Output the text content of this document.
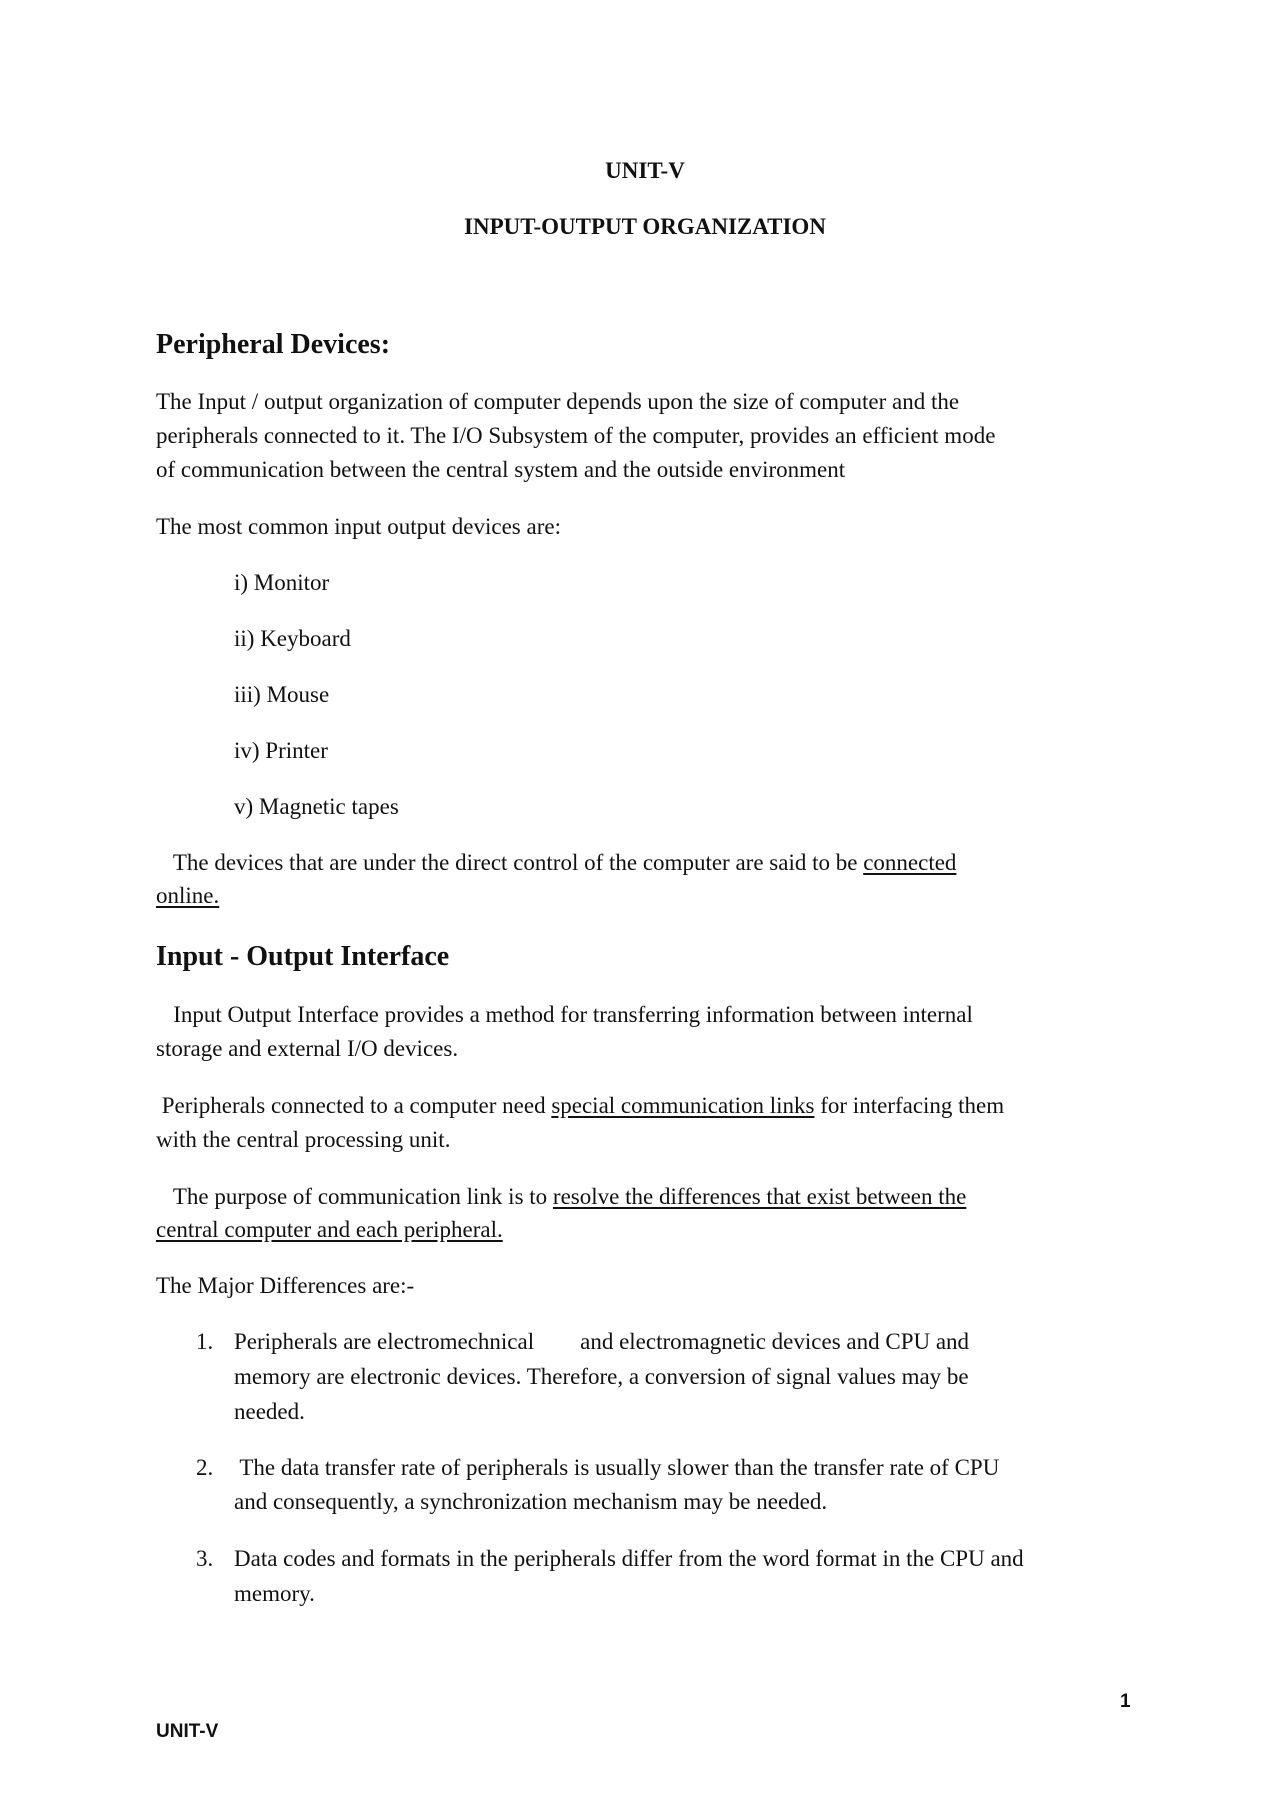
UNIT-V
INPUT-OUTPUT ORGANIZATION
Peripheral Devices:
The Input / output organization of computer depends upon the size of computer and the
peripherals connected to it. The I/O Subsystem of the computer, provides an efficient mode
of communication between the central system and the outside environment
The most common input output devices are:
i) Monitor
ii) Keyboard
iii) Mouse
iv) Printer
v) Magnetic tapes
The devices that are under the direct control of the computer are said to be connected
online.
Input - Output Interface
Input Output Interface provides a method for transferring information between internal
storage and external I/O devices.
Peripherals connected to a computer need special communication links for interfacing them
with the central processing unit.
The purpose of communication link is to resolve the differences that exist between the
central computer and each peripheral.
The Major Differences are:-
1. Peripherals are electromechnical        and electromagnetic devices and CPU and
memory are electronic devices. Therefore, a conversion of signal values may be
needed.
2. The data transfer rate of peripherals is usually slower than the transfer rate of CPU
and consequently, a synchronization mechanism may be needed.
3. Data codes and formats in the peripherals differ from the word format in the CPU and
memory.
1
UNIT-V
